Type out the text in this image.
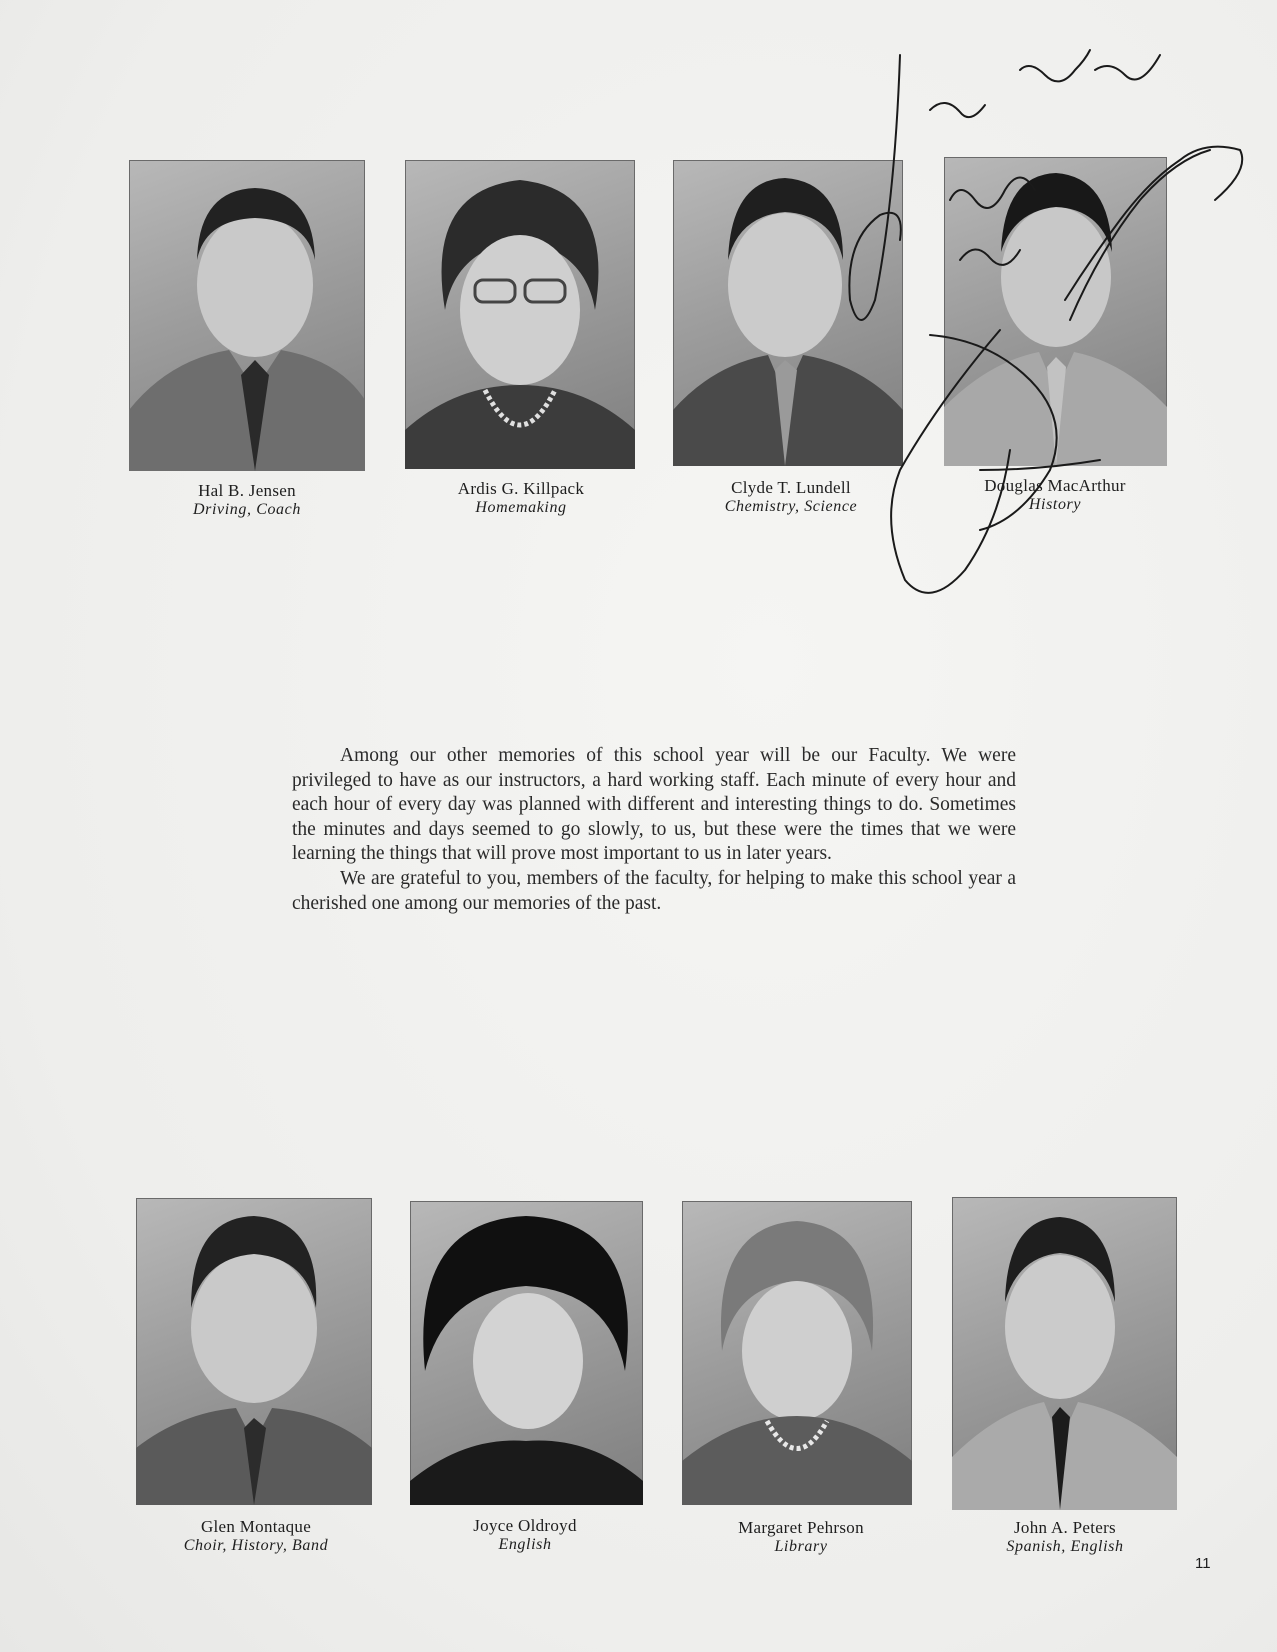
Hal B. Jensen
Driving, Coach
Ardis G. Killpack
Homemaking
Clyde T. Lundell
Chemistry, Science
Douglas MacArthur
History

Among our other memories of this school year will be our Faculty. We were privileged to have as our instructors, a hard working staff. Each minute of every hour and each hour of every day was planned with different and interesting things to do. Sometimes the minutes and days seemed to go slowly, to us, but these were the times that we were learning the things that will prove most important to us in later years.

We are grateful to you, members of the faculty, for helping to make this school year a cherished one among our memories of the past.

Glen Montaque
Choir, History, Band
Joyce Oldroyd
English
Margaret Pehrson
Library
John A. Peters
Spanish, English
11
